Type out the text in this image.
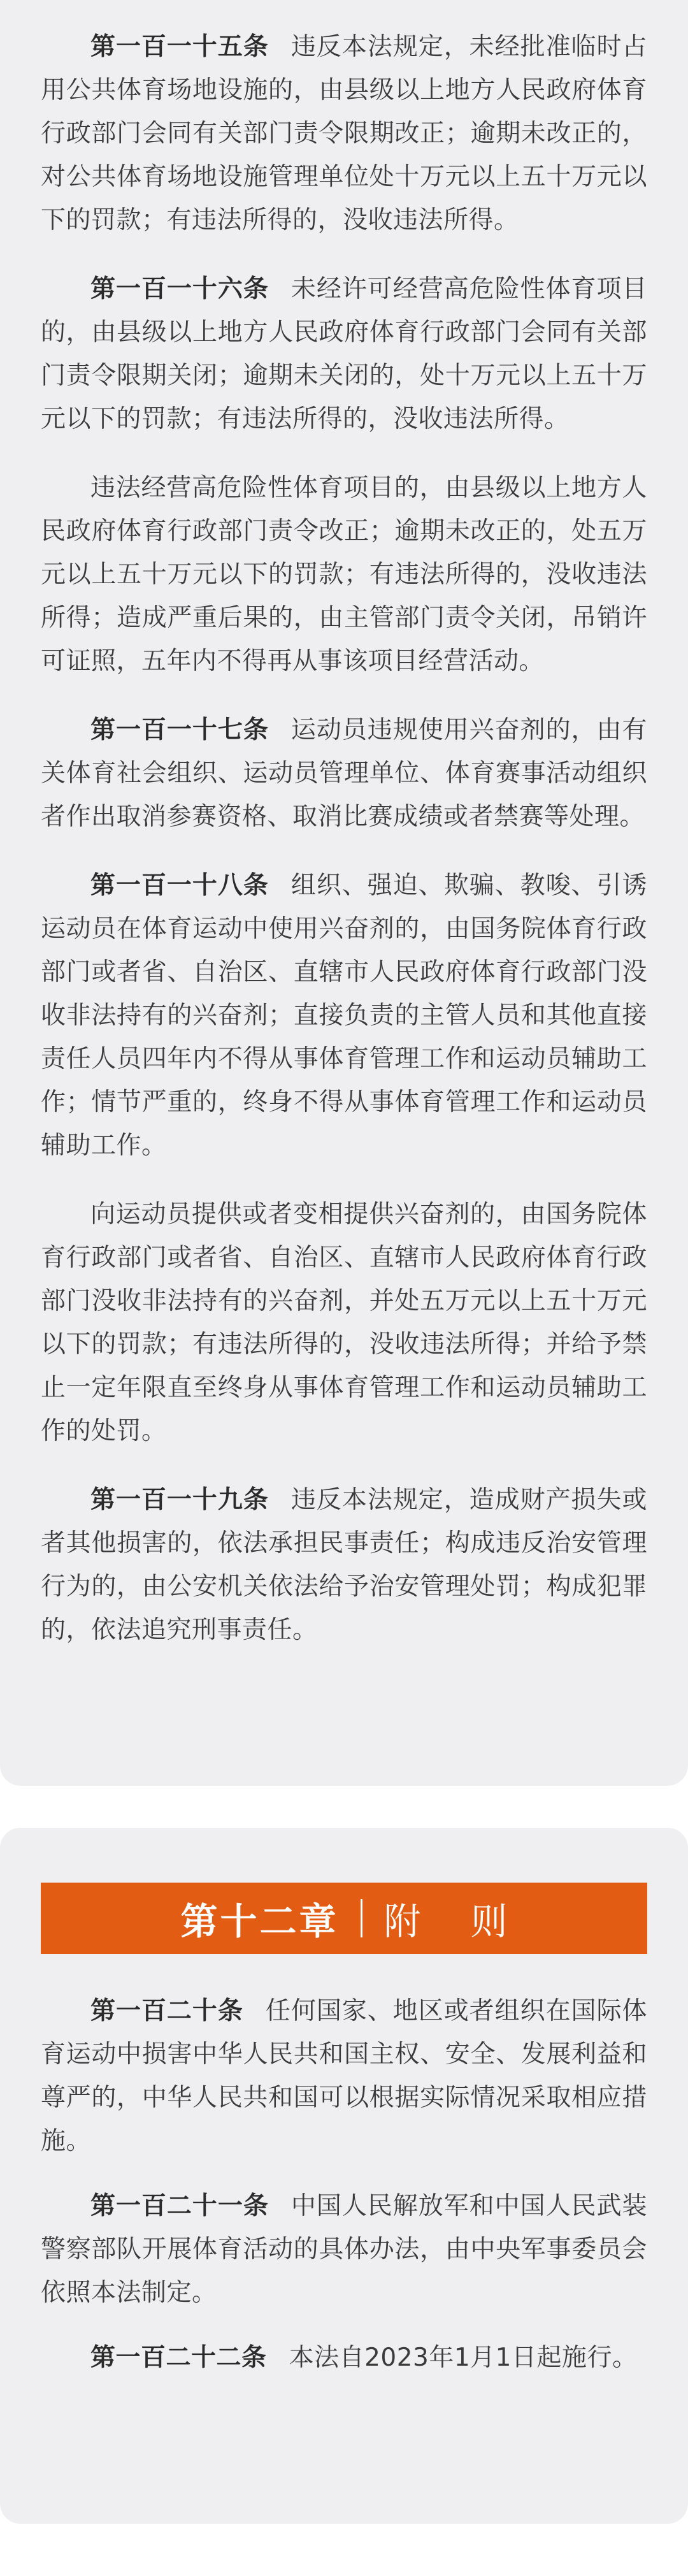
第一百一十五条 违反本法规定，未经批准临时占用公共体育场地设施的，由县级以上地方人民政府体育行政部门会同有关部门责令限期改正；逾期未改正的，对公共体育场地设施管理单位处十万元以上五十万元以下的罚款；有违法所得的，没收违法所得。

第一百一十六条 未经许可经营高危险性体育项目的，由县级以上地方人民政府体育行政部门会同有关部门责令限期关闭；逾期未关闭的，处十万元以上五十万元以下的罚款；有违法所得的，没收违法所得。

违法经营高危险性体育项目的，由县级以上地方人民政府体育行政部门责令改正；逾期未改正的，处五万元以上五十万元以下的罚款；有违法所得的，没收违法所得；造成严重后果的，由主管部门责令关闭，吊销许可证照，五年内不得再从事该项目经营活动。

第一百一十七条 运动员违规使用兴奋剂的，由有关体育社会组织、运动员管理单位、体育赛事活动组织者作出取消参赛资格、取消比赛成绩或者禁赛等处理。

第一百一十八条 组织、强迫、欺骗、教唆、引诱运动员在体育运动中使用兴奋剂的，由国务院体育行政部门或者省、自治区、直辖市人民政府体育行政部门没收非法持有的兴奋剂；直接负责的主管人员和其他直接责任人员四年内不得从事体育管理工作和运动员辅助工作；情节严重的，终身不得从事体育管理工作和运动员辅助工作。

向运动员提供或者变相提供兴奋剂的，由国务院体育行政部门或者省、自治区、直辖市人民政府体育行政部门没收非法持有的兴奋剂，并处五万元以上五十万元以下的罚款；有违法所得的，没收违法所得；并给予禁止一定年限直至终身从事体育管理工作和运动员辅助工作的处罚。

第一百一十九条 违反本法规定，造成财产损失或者其他损害的，依法承担民事责任；构成违反治安管理行为的，由公安机关依法给予治安管理处罚；构成犯罪的，依法追究刑事责任。

第十二章 附则

第一百二十条 任何国家、地区或者组织在国际体育运动中损害中华人民共和国主权、安全、发展利益和尊严的，中华人民共和国可以根据实际情况采取相应措施。

第一百二十一条 中国人民解放军和中国人民武装警察部队开展体育活动的具体办法，由中央军事委员会依照本法制定。

第一百二十二条 本法自2023年1月1日起施行。
